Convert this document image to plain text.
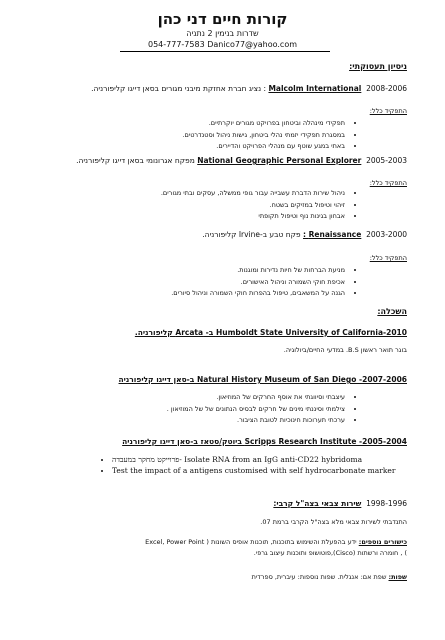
קורות חיים דני כהן
שדרות בנימין 2 נתניה
054-777-7583 Danico77@yahoo.com
ניסיון תעסוקתי:
2008-2006  Malcolm International : נציג חברת אחזקת מיבני מגורים בסאן דייגו קליפורניה.
התפקיד כלל:
• תפקידי מינהלה וביטחון בפרויקט מגורים יוקרתיים.
• במסגרת תפקידי יזמתי נהלי ביטחון, גישות ניהול וסטנדרטים.
• באתי במגע שוטף עם מנהלי הפרויקט והדיירים.
2005-2003  National Geographic Personal Explorer מפקח אגרונומי בסאן דייגו קליפורניה.
התפקיד כלל:
• ניהול שירות הדברת עשבייה עבור גופי ממשלה, עסקים ובתי מגורים.
• זיהוי וטיפול במזיקים בשטח.
• אבחון בגינות נוף וטיפול תקופתי
2003-2000  Renaissance : פקח טבע ב-Irvine קליפורניה.
התפקיד כלל:
• מניעת הברחות של חיות נדירות ומוגנות.
• אכיפת חוקי השמורה וניהול האישורים.
• הגנה על המשאבים, טיפול בהפרות חוקי השמורה וניהול סיורים.
השכלה:
Humboldt State University of California-2010 ב- Arcata קליפורניה.
בוגר תואר ראשון B.S. במדעי החיים/ביולוגיה.
Natural History Museum of San Diego -2007-2006 ב-סאן דייגו קליפורניה
• עיצבתי וסיווגתי את אוסף החרקים של המוזיאון.
• צילמתי וסיננתי מינים של חרקים לבסיס הנתונים של של המוזיאון .
• ערכתי תערוכות חינוכיות לטובת הציבור.
Scripps Research Institute -2005-2004 ביוטק/סטאז ב-סאן דייגו קליפורניה
• פרוייקט מחקר במעבדה- Isolate RNA from an IgG anti-CD22 hybridoma
• Test the impact of a antigens customised with self hydrocarbonate marker
1998-1996  שירות צבאי בצה"ל קרבי:
התנדבתי לשירות צבאי מלא בצה"ל הקרבי ברמת 07.
כישורים נוספים: ידע בהפעלת והשימוש בתוכנות, תוכנות אופיס השונות ( Excel, Power Point
) , חומרה ורשתות (Cisco),פוטושופ ותוכנות עיצוב גרפי.
שפות: שפת אם: אנגלית. שפות נוספות: עיברית, ספרדית
